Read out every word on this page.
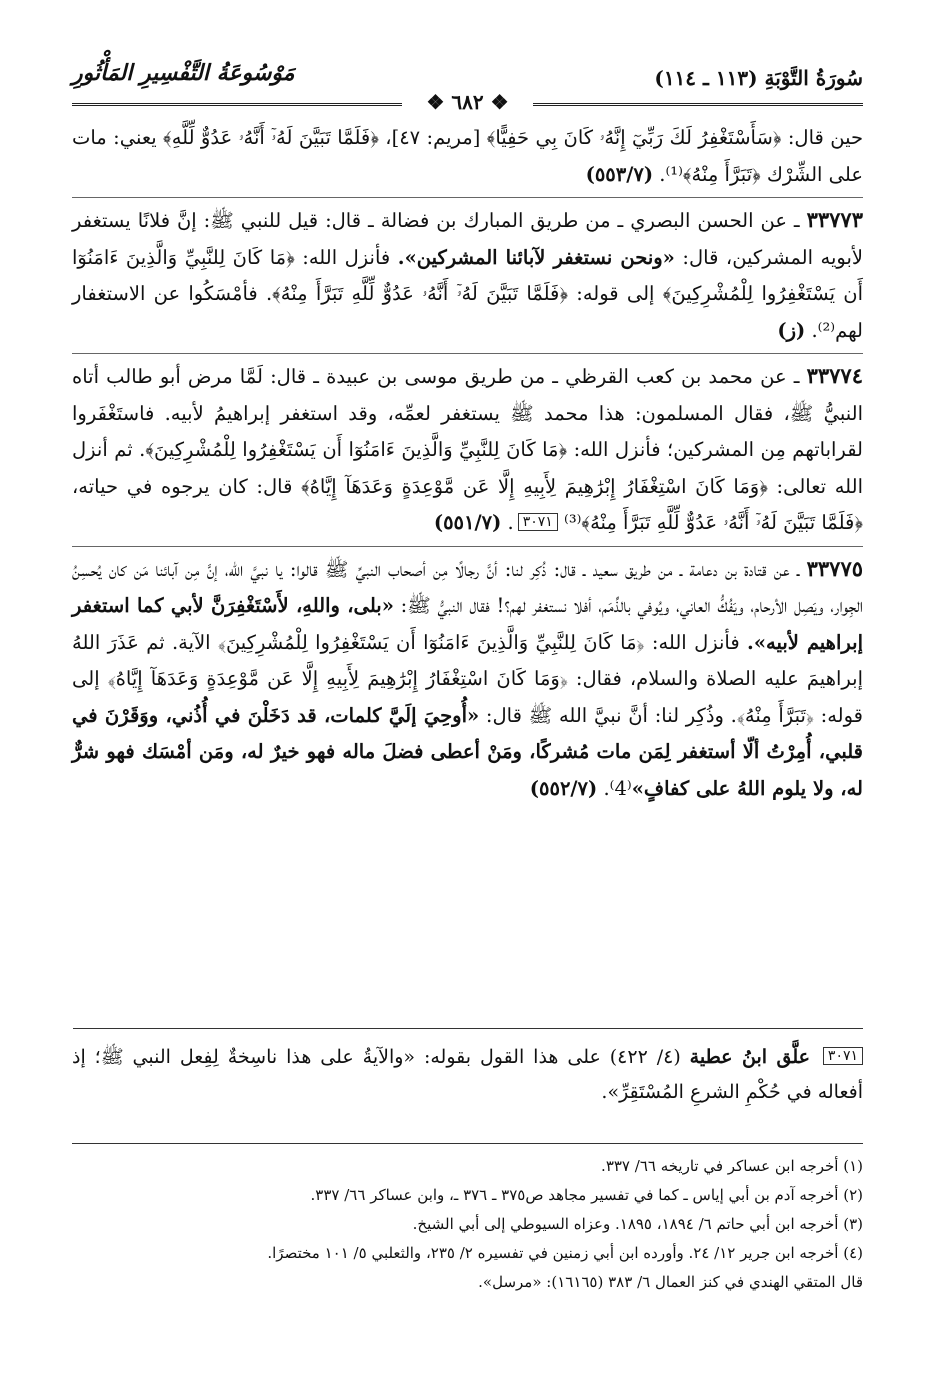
سُورَةُ التَّوْبَةِ (١١٣ ـ ١١٤)
مَوْسُوعَةُ التَّفْسِيرِ المَأْثُورِ
❖ ٦٨٢ ❖

حين قال: ﴿سَأَسْتَغْفِرُ لَكَ رَبِّيٓ إِنَّهُۥ كَانَ بِي حَفِيًّا﴾ [مريم: ٤٧]، ﴿فَلَمَّا تَبَيَّنَ لَهُۥٓ أَنَّهُۥ عَدُوٌّ لِّلَّهِ﴾ يعني: مات على الشِّرْك ﴿تَبَرَّأَ مِنْهُ﴾⁽¹⁾. (٥٥٣/٧)

٣٣٧٧٣ ـ عن الحسن البصري ـ من طريق المبارك بن فضالة ـ قال: قيل للنبي ﷺ: إنَّ فلانًا يستغفر لأبويه المشركين، قال: «ونحن نستغفر لآبائنا المشركين». فأنزل الله: ﴿مَا كَانَ لِلنَّبِيِّ وَالَّذِينَ ءَامَنُوٓا أَن يَسْتَغْفِرُوا لِلْمُشْرِكِينَ﴾ إلى قوله: ﴿فَلَمَّا تَبَيَّنَ لَهُۥٓ أَنَّهُۥ عَدُوٌّ لِّلَّهِ تَبَرَّأَ مِنْهُ﴾. فأمْسَكُوا عن الاستغفار لهم⁽²⁾. (ز)

٣٣٧٧٤ ـ عن محمد بن كعب القرظي ـ من طريق موسى بن عبيدة ـ قال: لَمَّا مرض أبو طالب أتاه النبيُّ ﷺ، فقال المسلمون: هذا محمد ﷺ يستغفر لعمِّه، وقد استغفر إبراهيمُ لأبيه. فاستَغْفَروا لقراباتهم مِن المشركين؛ فأنزل الله: ﴿مَا كَانَ لِلنَّبِيِّ وَالَّذِينَ ءَامَنُوٓا أَن يَسْتَغْفِرُوا لِلْمُشْرِكِينَ﴾. ثم أنزل الله تعالى: ﴿وَمَا كَانَ اسْتِغْفَارُ إِبْرَٰهِيمَ لِأَبِيهِ إِلَّا عَن مَّوْعِدَةٍ وَعَدَهَآ إِيَّاهُ﴾ قال: كان يرجوه في حياته، ﴿فَلَمَّا تَبَيَّنَ لَهُۥٓ أَنَّهُۥ عَدُوٌّ لِّلَّهِ تَبَرَّأَ مِنْهُ﴾⁽³⁾ ٣٠٧١. (٥٥١/٧)

٣٣٧٧٥ ـ عن قتادة بن دعامة ـ من طريق سعيد ـ قال: ذُكِر لنا: أنَّ رجالًا مِن أصحاب النبيِّ ﷺ قالوا: يا نبيَّ الله، إنَّ مِن آبائنا مَن كان يُحسِنُ الجِوار، ويَصِل الأرحام، ويَفُكُّ العاني، ويُوفي بالذِّمَم، أفلا نستغفر لهم؟! فقال النبيُّ ﷺ: «بلى، واللهِ، لأَسْتَغْفِرَنَّ لأبي كما استغفر إبراهيم لأبيه». فأنزل الله: ﴿مَا كَانَ لِلنَّبِيِّ وَالَّذِينَ ءَامَنُوٓا أَن يَسْتَغْفِرُوا لِلْمُشْرِكِينَ﴾ الآية. ثم عَذَرَ اللهُ إبراهيمَ عليه الصلاة والسلام، فقال: ﴿وَمَا كَانَ اسْتِغْفَارُ إِبْرَٰهِيمَ لِأَبِيهِ إِلَّا عَن مَّوْعِدَةٍ وَعَدَهَآ إِيَّاهُ﴾ إلى قوله: ﴿تَبَرَّأَ مِنْهُ﴾. وذُكِر لنا: أنَّ نبيَّ الله ﷺ قال: «أُوحِيَ إلَيَّ كلمات، قد دَخَلْنَ في أُذُني، ووَقَرْنَ في قلبي، أُمِرْتُ ألّا أستغفر لِمَن مات مُشركًا، ومَنْ أعطى فضلَ ماله فهو خيرٌ له، ومَن أمْسَك فهو شرٌّ له، ولا يلوم اللهُ على كفافٍ»⁽4⁾. (٥٥٢/٧)

٣٠٧١ علَّق ابنُ عطية (٤/ ٤٢٢) على هذا القول بقوله: «والآيةُ على هذا ناسِخةٌ لِفِعل النبي ﷺ؛ إذ أفعاله في حُكْمِ الشرعِ المُسْتَقِرِّ».
(١) أخرجه ابن عساكر في تاريخه ٦٦/ ٣٣٧.
(٢) أخرجه آدم بن أبي إياس ـ كما في تفسير مجاهد ص٣٧٥ ـ ٣٧٦ ـ، وابن عساكر ٦٦/ ٣٣٧.
(٣) أخرجه ابن أبي حاتم ٦/ ١٨٩٤، ١٨٩٥. وعزاه السيوطي إلى أبي الشيخ.
(٤) أخرجه ابن جرير ١٢/ ٢٤. وأورده ابن أبي زمنين في تفسيره ٢/ ٢٣٥، والثعلبي ٥/ ١٠١ مختصرًا.
قال المتقي الهندي في كنز العمال ٦/ ٣٨٣ (١٦١٦٥): «مرسل».
